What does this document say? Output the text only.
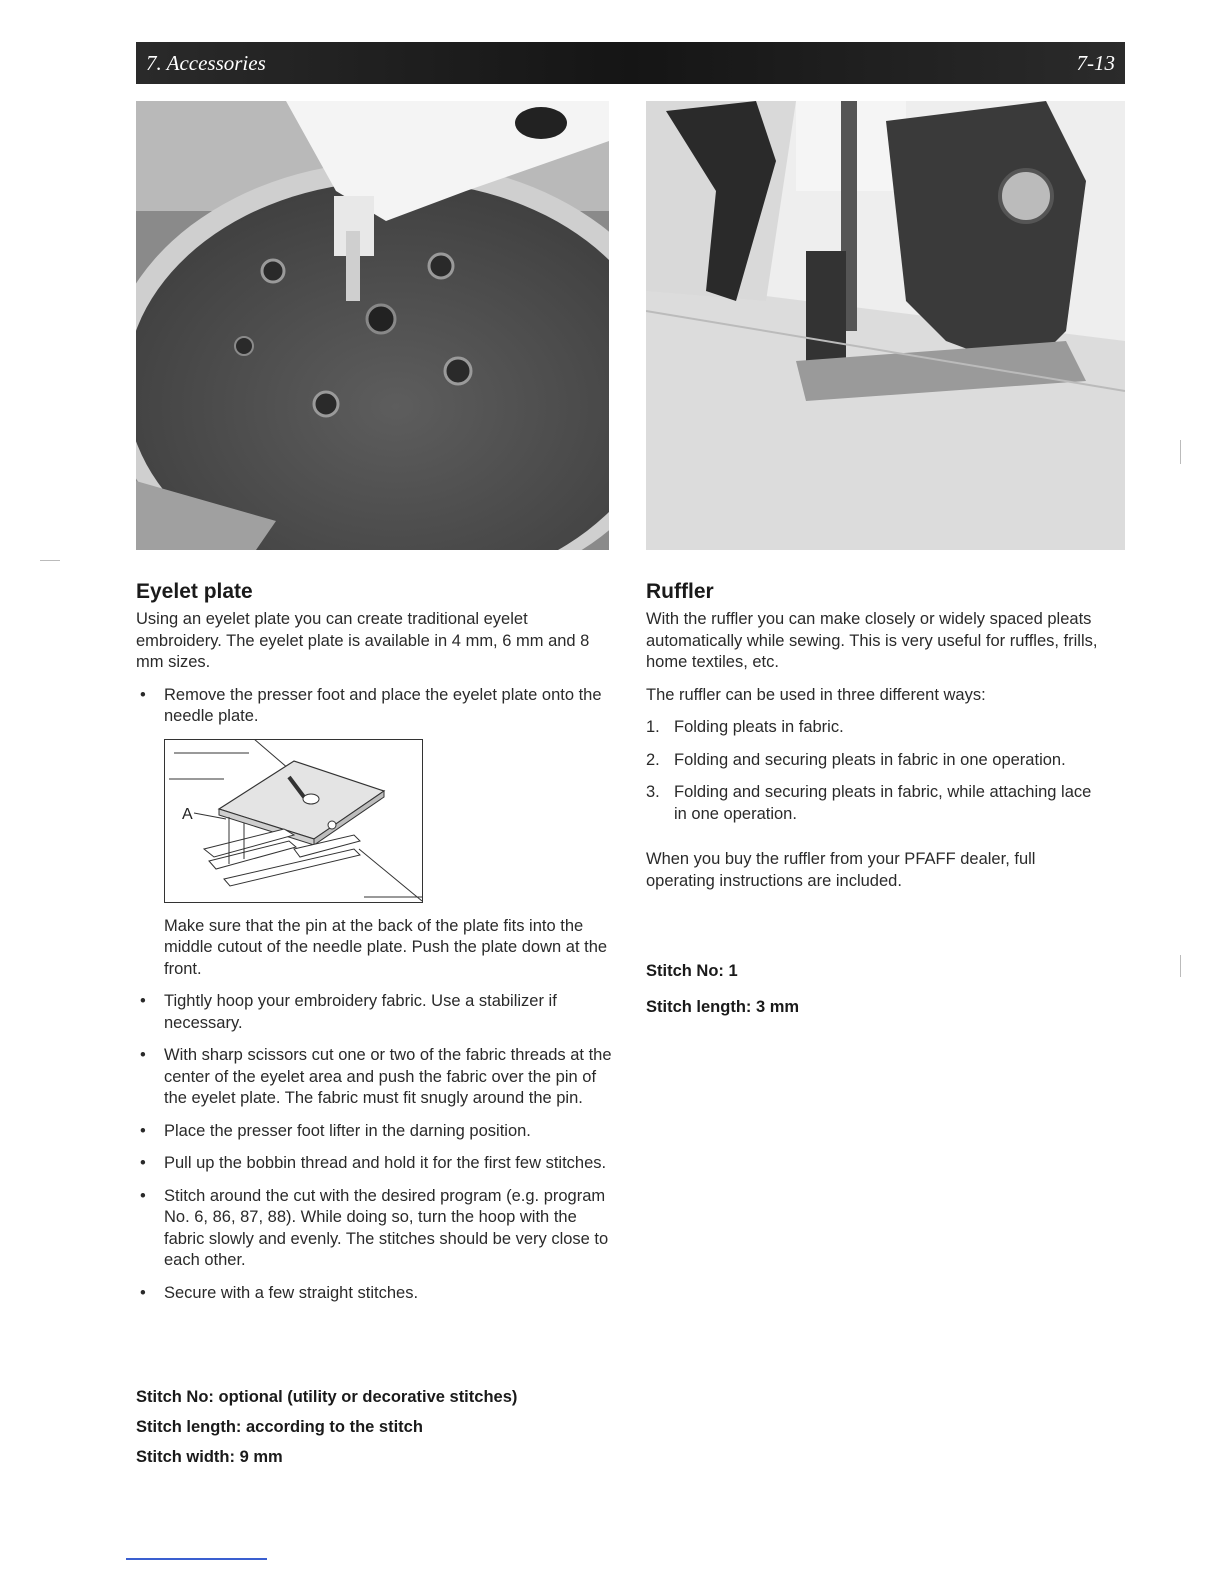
7. Accessories	7-13
Eyelet plate

Using an eyelet plate you can create traditional eyelet embroidery. The eyelet plate is available in 4 mm, 6 mm and 8 mm sizes.

• Remove the presser foot and place the eyelet plate onto the needle plate.
A

Make sure that the pin at the back of the plate fits into the middle cutout of the needle plate. Push the plate down at the front.

• Tightly hoop your embroidery fabric. Use a stabilizer if necessary.
• With sharp scissors cut one or two of the fabric threads at the center of the eyelet area and push the fabric over the pin of the eyelet plate. The fabric must fit snugly around the pin.
• Place the presser foot lifter in the darning position.
• Pull up the bobbin thread and hold it for the first few stitches.
• Stitch around the cut with the desired program (e.g. program No. 6, 86, 87, 88). While doing so, turn the hoop with the fabric slowly and evenly. The stitches should be very close to each other.
• Secure with a few straight stitches.
Stitch No: optional (utility or decorative stitches)
Stitch length: according to the stitch
Stitch width: 9 mm
Ruffler

With the ruffler you can make closely or widely spaced pleats automatically while sewing. This is very useful for ruffles, frills, home textiles, etc.

The ruffler can be used in three different ways:

1. Folding pleats in fabric.
2. Folding and securing pleats in fabric in one operation.
3. Folding and securing pleats in fabric, while attaching lace in one operation.

When you buy the ruffler from your PFAFF dealer, full operating instructions are included.

Stitch No: 1
Stitch length: 3 mm
